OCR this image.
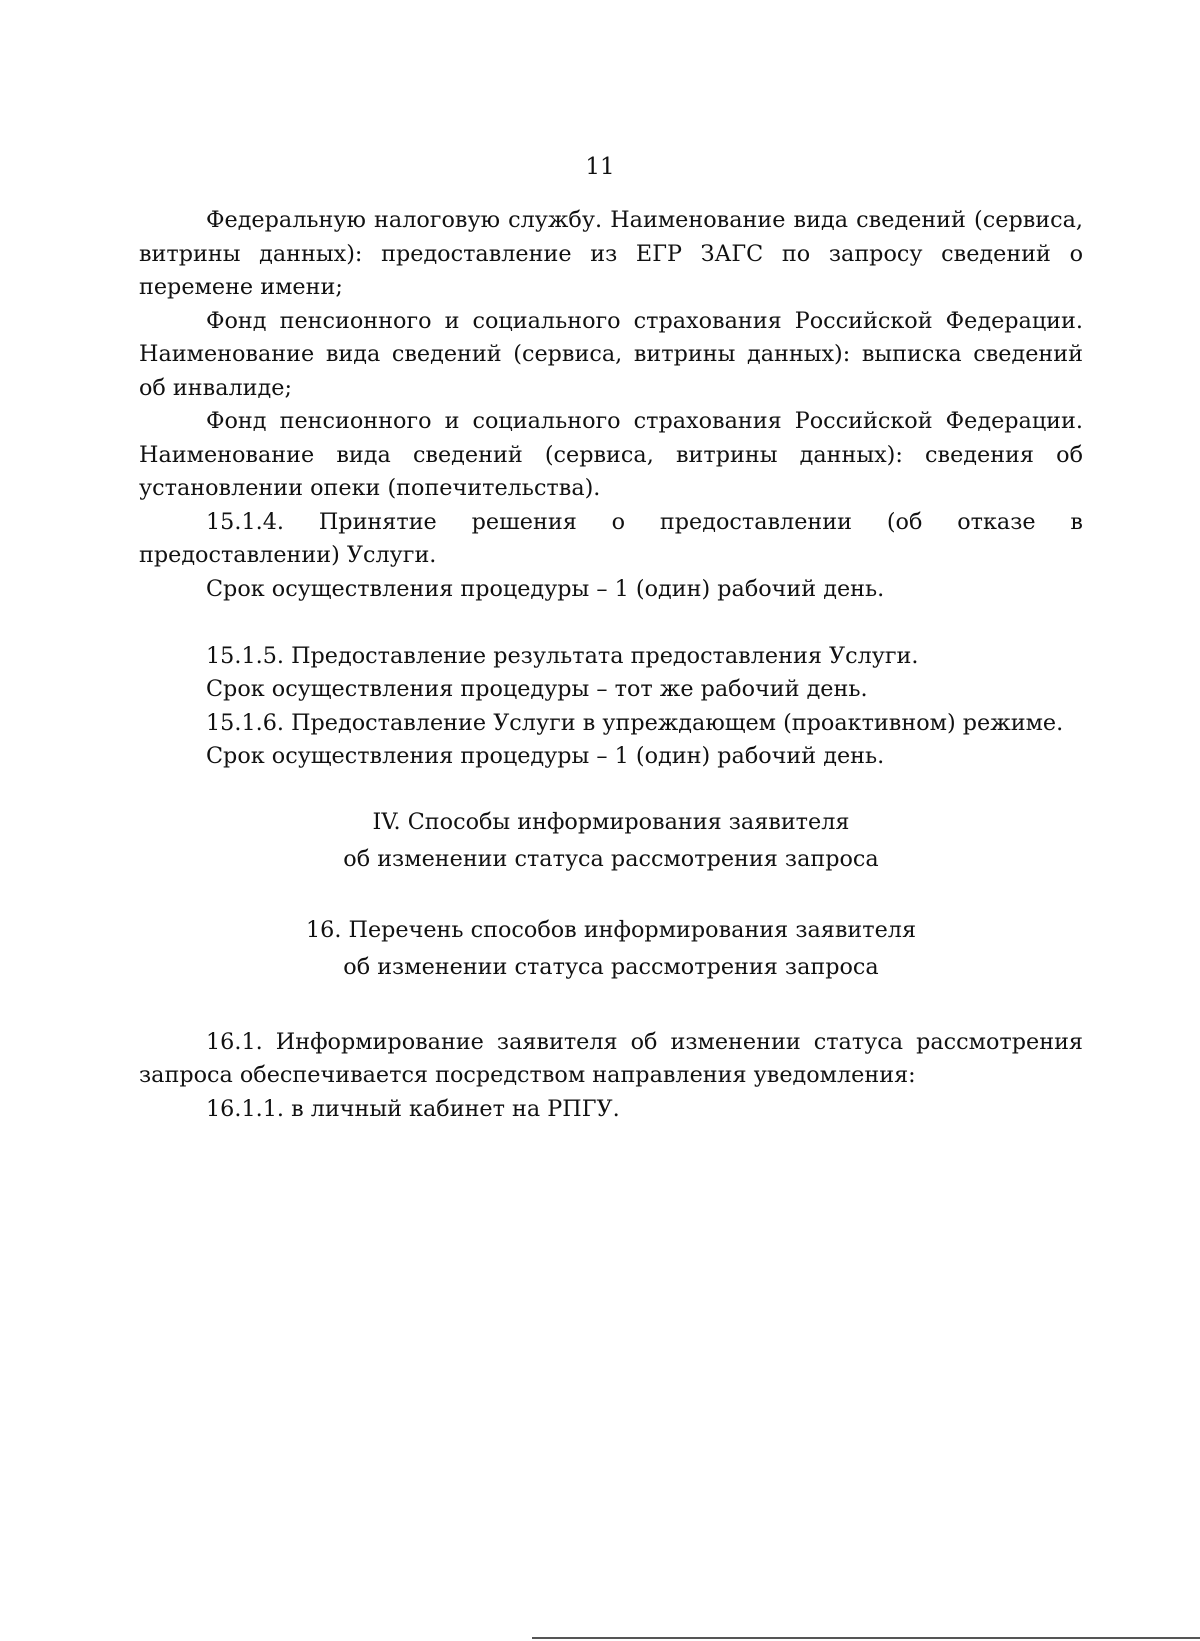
11

Федеральную налоговую службу. Наименование вида сведений (сервиса, витрины данных): предоставление из ЕГР ЗАГС по запросу сведений о перемене имени;

Фонд пенсионного и социального страхования Российской Федерации. Наименование вида сведений (сервиса, витрины данных): выписка сведений об инвалиде;

Фонд пенсионного и социального страхования Российской Федерации. Наименование вида сведений (сервиса, витрины данных): сведения об установлении опеки (попечительства).

15.1.4. Принятие решения о предоставлении (об отказе в предоставлении) Услуги.

Срок осуществления процедуры – 1 (один) рабочий день.

15.1.5. Предоставление результата предоставления Услуги.

Срок осуществления процедуры – тот же рабочий день.

15.1.6. Предоставление Услуги в упреждающем (проактивном) режиме.

Срок осуществления процедуры – 1 (один) рабочий день.

IV. Способы информирования заявителя
об изменении статуса рассмотрения запроса

16. Перечень способов информирования заявителя
об изменении статуса рассмотрения запроса

16.1. Информирование заявителя об изменении статуса рассмотрения запроса обеспечивается посредством направления уведомления:

16.1.1. в личный кабинет на РПГУ.
